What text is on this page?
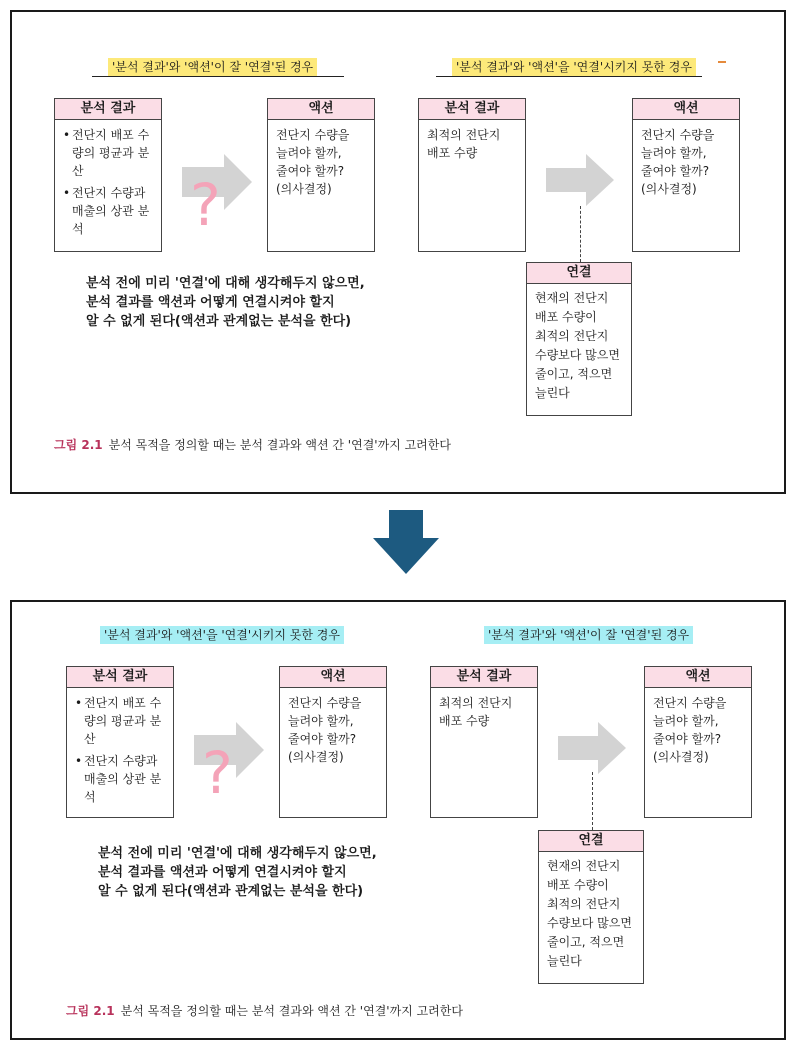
'분석 결과'와 '액션'이 잘 '연결'된 경우	'분석 결과'와 '액션'을 '연결'시키지 못한 경우
분석 결과
• 전단지 배포 수량의 평균과 분산
• 전단지 수량과 매출의 상관 분석	?
액션

전단지 수량을

늘려야 할까,

줄여야 할까?

(의사결정)

분석 결과

최적의 전단지

배포 수량

액션

전단지 수량을

늘려야 할까,

줄여야 할까?

(의사결정)

연결

현재의 전단지

배포 수량이

최적의 전단지

수량보다 많으면

줄이고, 적으면

늘린다

분석 전에 미리 '연결'에 대해 생각해두지 않으면,

분석 결과를 액션과 어떻게 연결시켜야 할지

알 수 없게 된다(액션과 관계없는 분석을 한다)

그림 2.1 분석 목적을 정의할 때는 분석 결과와 액션 간 '연결'까지 고려한다
'분석 결과'와 '액션'을 '연결'시키지 못한 경우	'분석 결과'와 '액션'이 잘 '연결'된 경우
분석 결과
• 전단지 배포 수량의 평균과 분산
• 전단지 수량과 매출의 상관 분석	?
액션

전단지 수량을

늘려야 할까,

줄여야 할까?

(의사결정)

분석 결과

최적의 전단지

배포 수량

액션

전단지 수량을

늘려야 할까,

줄여야 할까?

(의사결정)

연결

현재의 전단지

배포 수량이

최적의 전단지

수량보다 많으면

줄이고, 적으면

늘린다

분석 전에 미리 '연결'에 대해 생각해두지 않으면,

분석 결과를 액션과 어떻게 연결시켜야 할지

알 수 없게 된다(액션과 관계없는 분석을 한다)

그림 2.1 분석 목적을 정의할 때는 분석 결과와 액션 간 '연결'까지 고려한다
